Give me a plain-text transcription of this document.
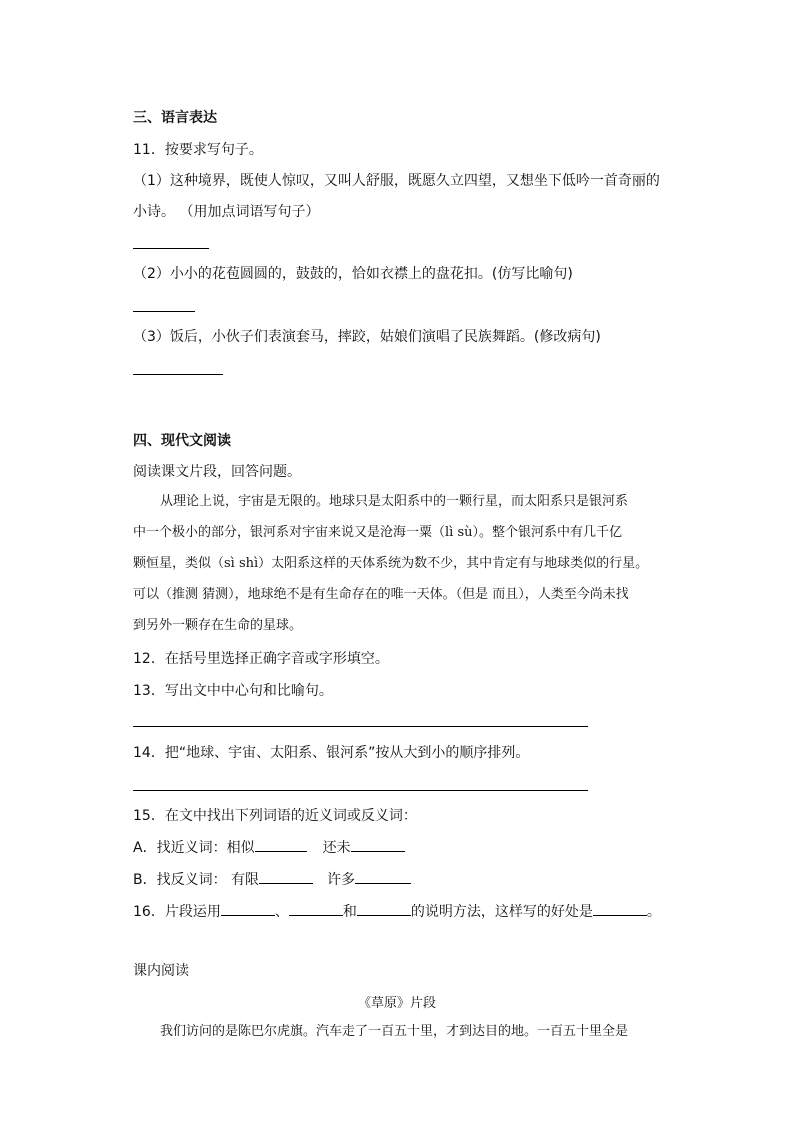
三、语言表达
11．按要求写句子。
（1）这种境界，既使人惊叹，又叫人舒服，既愿久立四望，又想坐下低吟一首奇丽的
小诗。 （用加点词语写句子）
（2）小小的花苞圆圆的，鼓鼓的，恰如衣襟上的盘花扣。(仿写比喻句)
（3）饭后，小伙子们表演套马，摔跤，姑娘们演唱了民族舞蹈。(修改病句)
四、现代文阅读
阅读课文片段，回答问题。
从理论上说，宇宙是无限的。地球只是太阳系中的一颗行星，而太阳系只是银河系
中一个极小的部分，银河系对宇宙来说又是沧海一粟（lì sù）。整个银河系中有几千亿
颗恒星，类似（sì shì）太阳系这样的天体系统为数不少，其中肯定有与地球类似的行星。
可以（推测 猜测），地球绝不是有生命存在的唯一天体。（但是 而且），人类至今尚未找
到另外一颗存在生命的星球。
12．在括号里选择正确字音或字形填空。
13．写出文中中心句和比喻句。
14．把“地球、宇宙、太阳系、银河系”按从大到小的顺序排列。
15．在文中找出下列词语的近义词或反义词：
A．找近义词：相似	还未
B．找反义词： 有限	许多
16．片段运用	、	和	的说明方法，这样写的好处是	。
课内阅读
《草原》片段
我们访问的是陈巴尔虎旗。汽车走了一百五十里，才到达目的地。一百五十里全是
